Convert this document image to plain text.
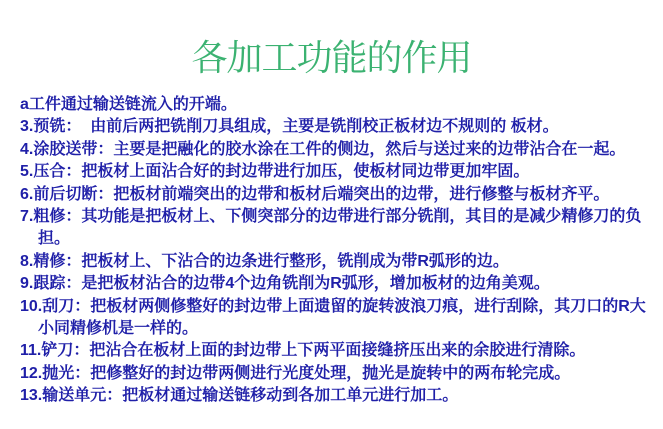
各加工功能的作用

a工件通过输送链流入的开端。

3.预铣：  由前后两把铣削刀具组成，主要是铣削校正板材边不规则的 板材。

4.涂胶送带：主要是把融化的胶水涂在工件的侧边，然后与送过来的边带沾合在一起。

5.压合：把板材上面沾合好的封边带进行加压，使板材同边带更加牢固。

6.前后切断：把板材前端突出的边带和板材后端突出的边带，进行修整与板材齐平。

7.粗修：其功能是把板材上、下侧突部分的边带进行部分铣削，其目的是减少精修刀的负担。

8.精修：把板材上、下沾合的边条进行整形，铣削成为带R弧形的边。

9.跟踪：是把板材沾合的边带4个边角铣削为R弧形，增加板材的边角美观。

10.刮刀：把板材两侧修整好的封边带上面遗留的旋转波浪刀痕，进行刮除，其刀口的R大小同精修机是一样的。

11.铲刀：把沾合在板材上面的封边带上下两平面接缝挤压出来的余胶进行清除。

12.抛光：把修整好的封边带两侧进行光度处理，抛光是旋转中的两布轮完成。

13.输送单元：把板材通过输送链移动到各加工单元进行加工。
